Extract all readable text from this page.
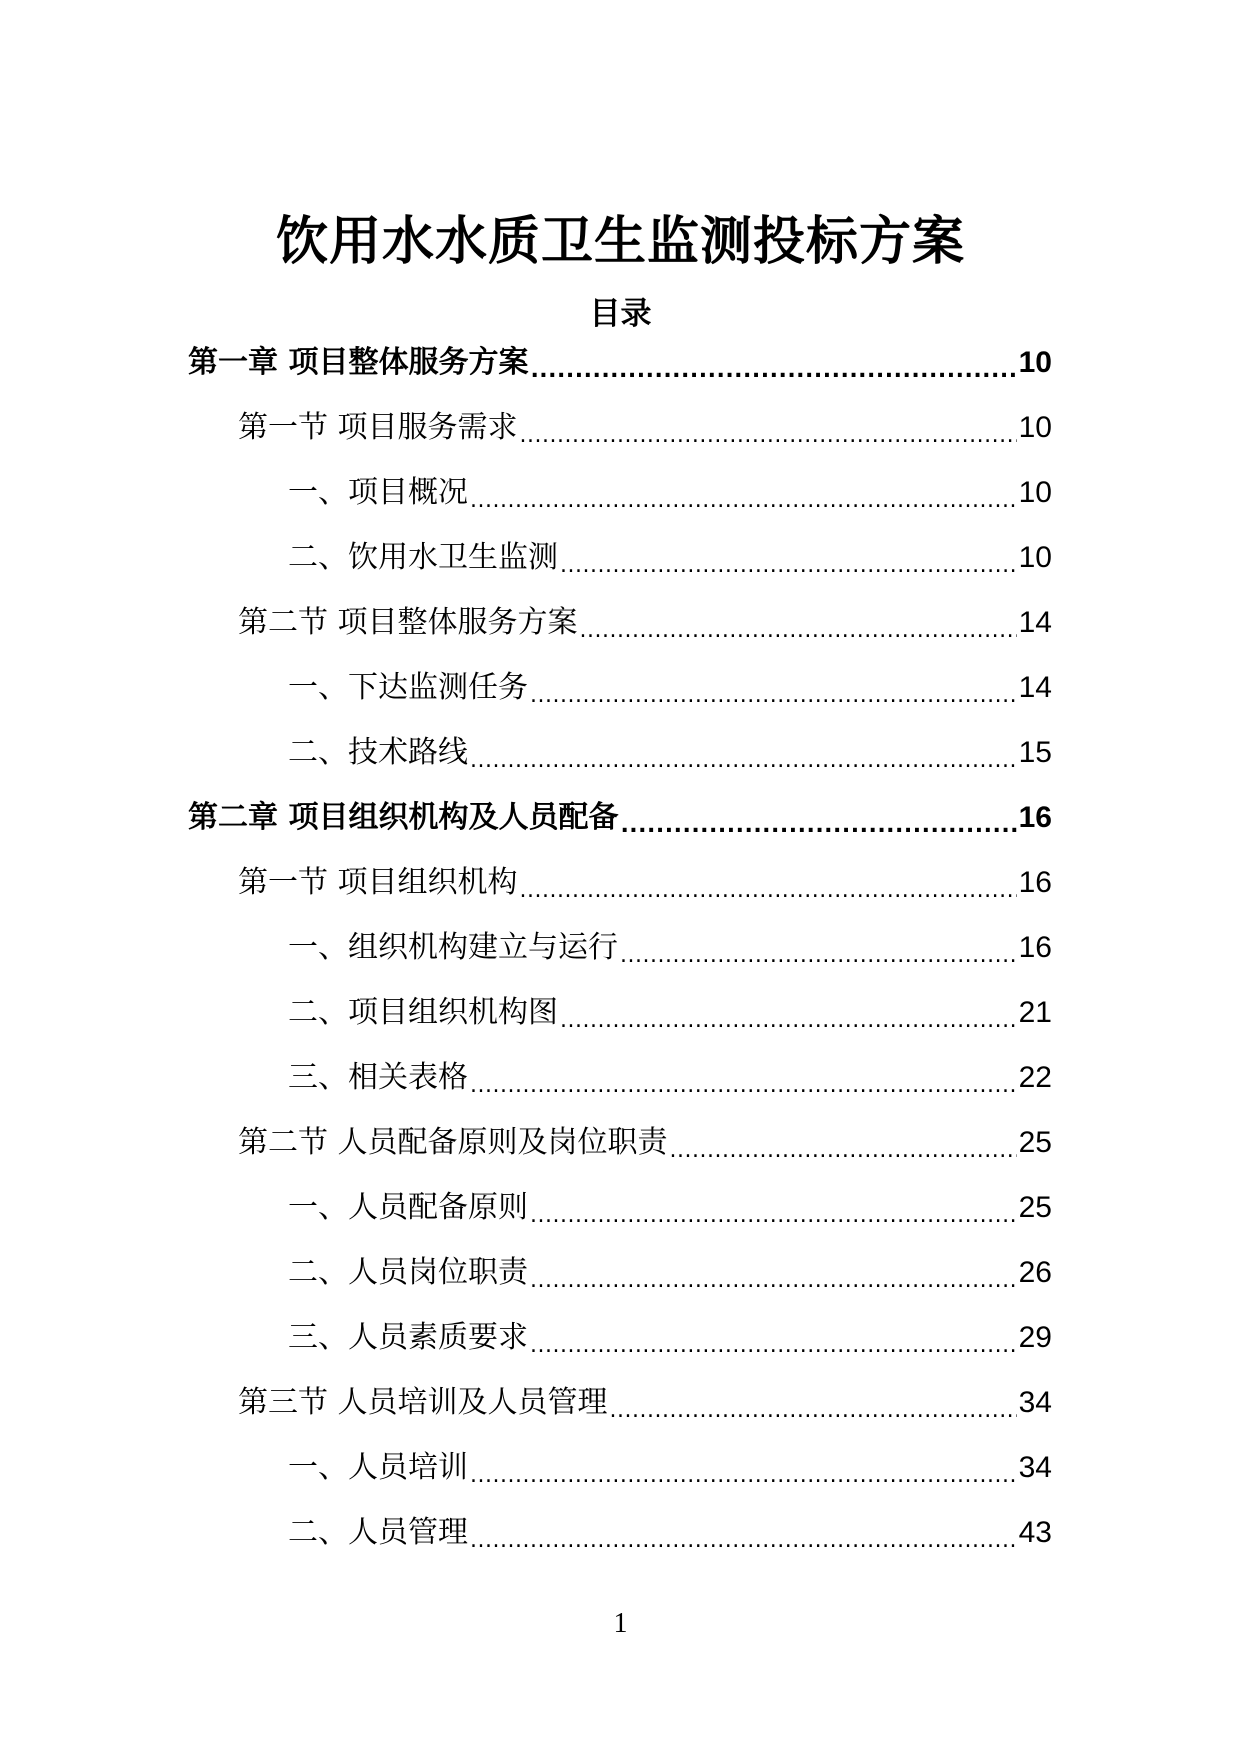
饮用水水质卫生监测投标方案
目录
第一章 项目整体服务方案 .....	10
第一节 项目服务需求 .....	10
一、项目概况 .....	10
二、饮用水卫生监测 .....	10
第二节 项目整体服务方案 .....	14
一、下达监测任务 .....	14
二、技术路线 .....	15
第二章 项目组织机构及人员配备 .....	16
第一节 项目组织机构 .....	16
一、组织机构建立与运行 .....	16
二、项目组织机构图 .....	21
三、相关表格 .....	22
第二节 人员配备原则及岗位职责 .....	25
一、人员配备原则 .....	25
二、人员岗位职责 .....	26
三、人员素质要求 .....	29
第三节 人员培训及人员管理 .....	34
一、人员培训 .....	34
二、人员管理 .....	43
1
